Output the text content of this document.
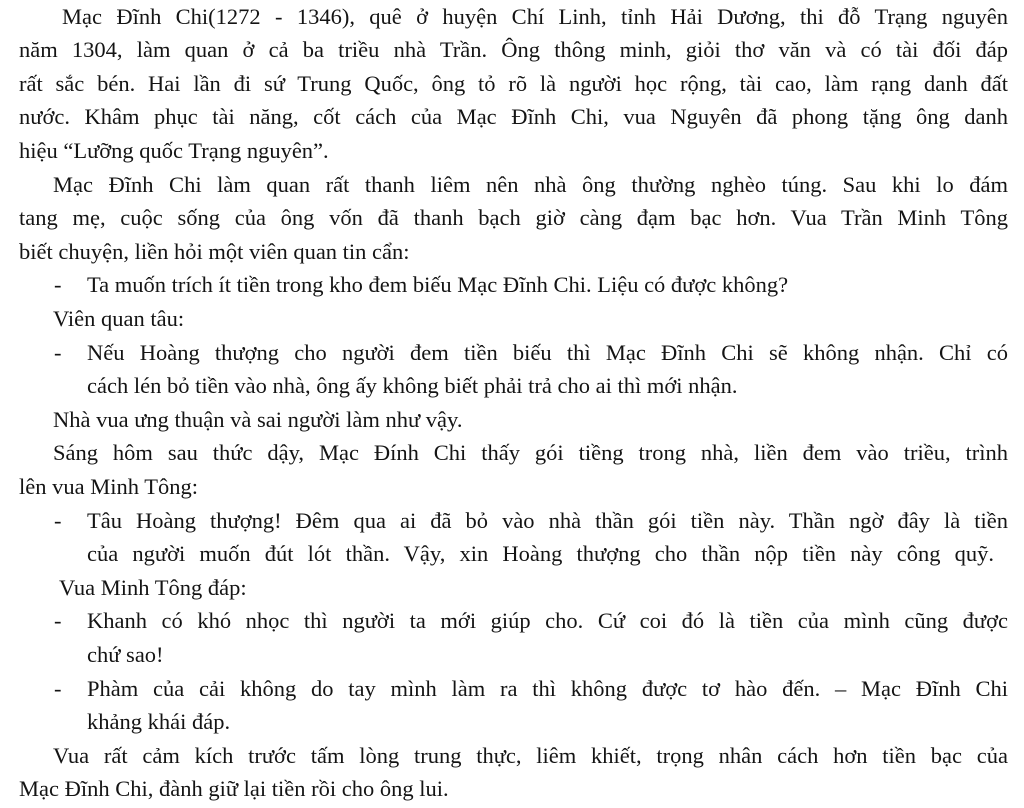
Mạc Đĩnh Chi(1272 - 1346), quê ở huyện Chí Linh, tỉnh Hải Dương, thi đỗ Trạng nguyên
năm 1304, làm quan ở cả ba triều nhà Trần. Ông thông minh, giỏi thơ văn và có tài đối đáp
rất sắc bén. Hai lần đi sứ Trung Quốc, ông tỏ rõ là người học rộng, tài cao, làm rạng danh đất
nước. Khâm phục tài năng, cốt cách của Mạc Đĩnh Chi, vua Nguyên đã phong tặng ông danh
hiệu “Lưỡng quốc Trạng nguyên”.
Mạc Đĩnh Chi làm quan rất thanh liêm nên nhà ông thường nghèo túng. Sau khi lo đám
tang mẹ, cuộc sống của ông vốn đã thanh bạch giờ càng đạm bạc hơn. Vua Trần Minh Tông
biết chuyện, liền hỏi một viên quan tin cẩn:
- Ta muốn trích ít tiền trong kho đem biếu Mạc Đĩnh Chi. Liệu có được không?
Viên quan tâu:
- Nếu Hoàng thượng cho người đem tiền biếu thì Mạc Đĩnh Chi sẽ không nhận. Chỉ có
cách lén bỏ tiền vào nhà, ông ấy không biết phải trả cho ai thì mới nhận.
Nhà vua ưng thuận và sai người làm như vậy.
Sáng hôm sau thức dậy, Mạc Đính Chi thấy gói tiềng trong nhà, liền đem vào triều, trình
lên vua Minh Tông:
- Tâu Hoàng thượng! Đêm qua ai đã bỏ vào nhà thần gói tiền này. Thần ngờ đây là tiền
của người muốn đút lót thần. Vậy, xin Hoàng thượng cho thần nộp tiền này công quỹ.
Vua Minh Tông đáp:
- Khanh có khó nhọc thì người ta mới giúp cho. Cứ coi đó là tiền của mình cũng được
chứ sao!
- Phàm của cải không do tay mình làm ra thì không được tơ hào đến. – Mạc Đĩnh Chi
khảng khái đáp.
Vua rất cảm kích trước tấm lòng trung thực, liêm khiết, trọng nhân cách hơn tiền bạc của
Mạc Đĩnh Chi, đành giữ lại tiền rồi cho ông lui.
